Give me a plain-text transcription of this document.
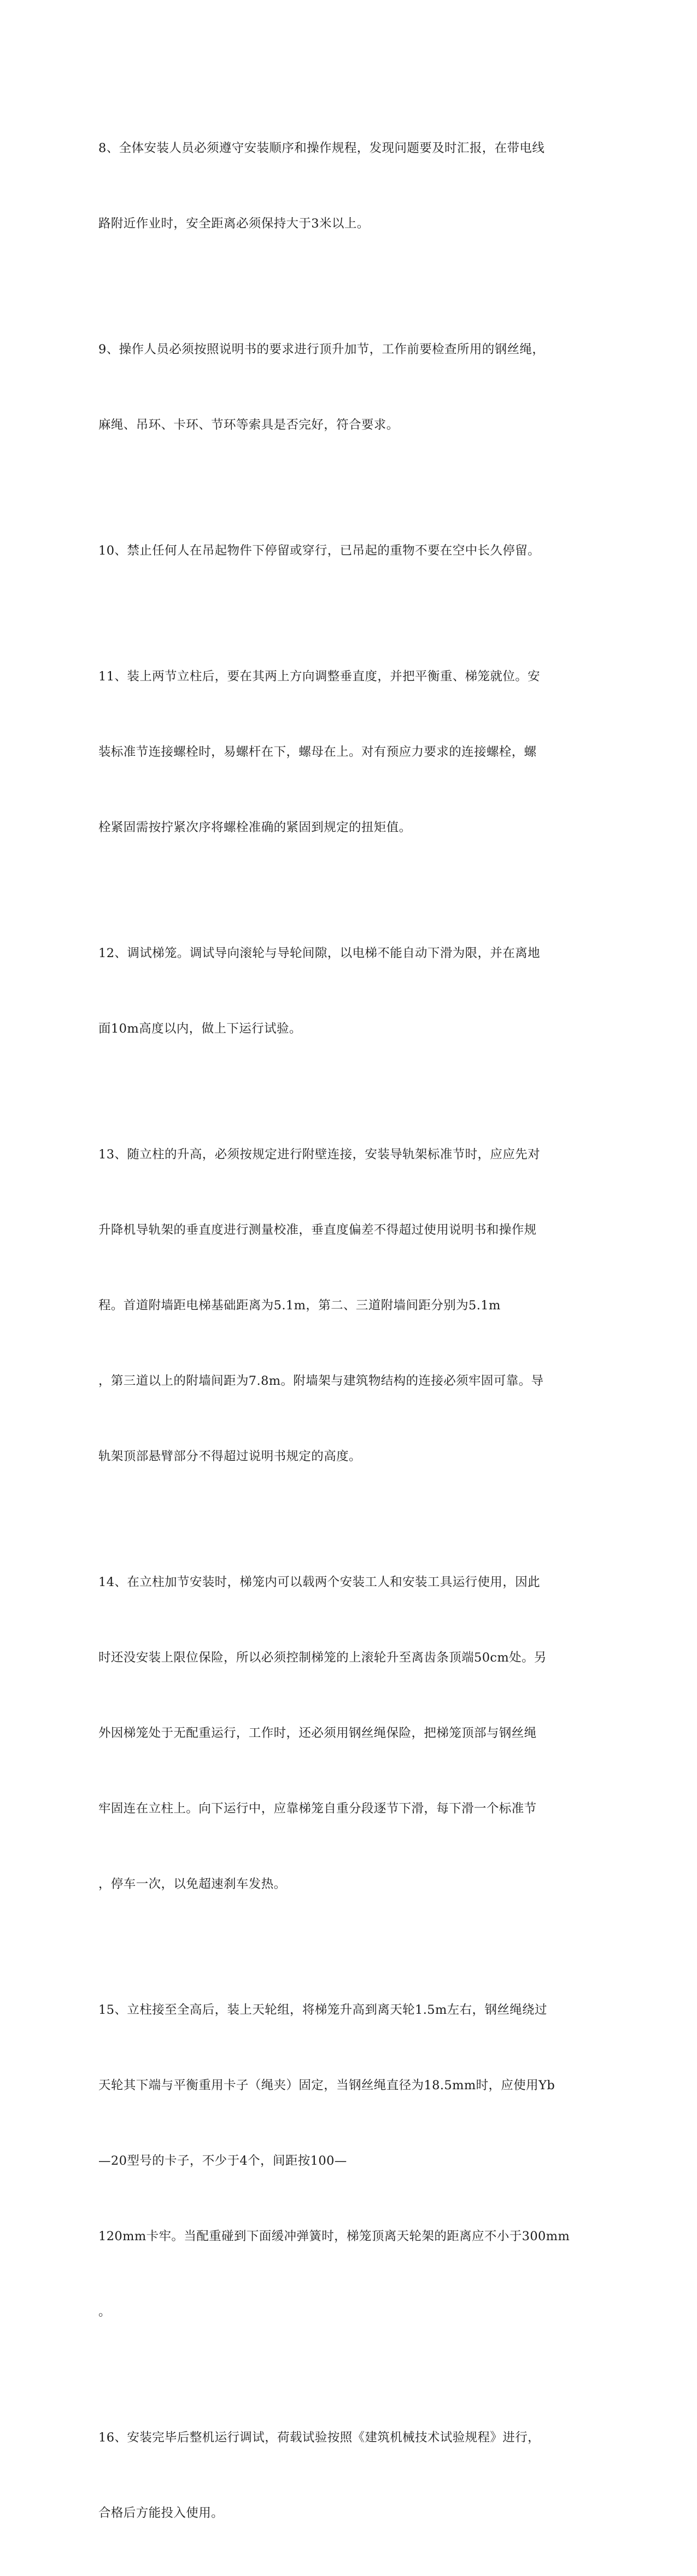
8、全体安装人员必须遵守安装顺序和操作规程，发现问题要及时汇报，在带电线

路附近作业时，安全距离必须保持大于3米以上。

9、操作人员必须按照说明书的要求进行顶升加节，工作前要检查所用的钢丝绳，

麻绳、吊环、卡环、节环等索具是否完好，符合要求。

10、禁止任何人在吊起物件下停留或穿行，已吊起的重物不要在空中长久停留。

11、装上两节立柱后，要在其两上方向调整垂直度，并把平衡重、梯笼就位。安

装标准节连接螺栓时，易螺杆在下，螺母在上。对有预应力要求的连接螺栓，螺

栓紧固需按拧紧次序将螺栓准确的紧固到规定的扭矩值。

12、调试梯笼。调试导向滚轮与导轮间隙，以电梯不能自动下滑为限，并在离地

面10m高度以内，做上下运行试验。

13、随立柱的升高，必须按规定进行附壁连接，安装导轨架标准节时，应应先对

升降机导轨架的垂直度进行测量校准，垂直度偏差不得超过使用说明书和操作规

程。首道附墙距电梯基础距离为5.1m，第二、三道附墙间距分别为5.1m

，第三道以上的附墙间距为7.8m。附墙架与建筑物结构的连接必须牢固可靠。导

轨架顶部悬臂部分不得超过说明书规定的高度。

14、在立柱加节安装时，梯笼内可以载两个安装工人和安装工具运行使用，因此

时还没安装上限位保险，所以必须控制梯笼的上滚轮升至离齿条顶端50cm处。另

外因梯笼处于无配重运行，工作时，还必须用钢丝绳保险，把梯笼顶部与钢丝绳

牢固连在立柱上。向下运行中，应靠梯笼自重分段逐节下滑，每下滑一个标准节

，停车一次，以免超速刹车发热。

15、立柱接至全高后，装上天轮组，将梯笼升高到离天轮1.5m左右，钢丝绳绕过

天轮其下端与平衡重用卡子（绳夹）固定，当钢丝绳直径为18.5mm时，应使用Yb

—20型号的卡子，不少于4个，间距按100—

120mm卡牢。当配重碰到下面缓冲弹簧时，梯笼顶离天轮架的距离应不小于300mm

。

16、安装完毕后整机运行调试，荷载试验按照《建筑机械技术试验规程》进行，

合格后方能投入使用。
